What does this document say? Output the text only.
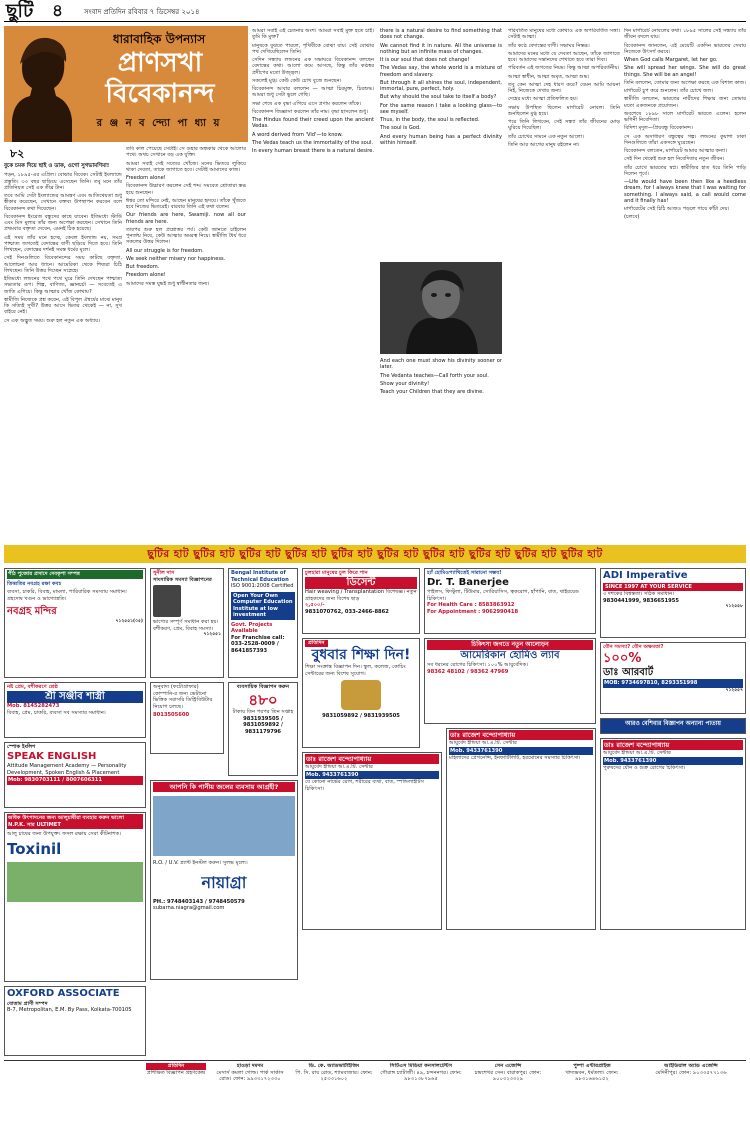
ছুটি ৪	সংবাদ প্রতিদিন রবিবার ৭ ডিসেম্বর ২০১৪
ধারাবাহিক উপন্যাস
প্রাণসখা
বিবেকানন্দ
র ঞ্জ ন ব ন্দ্যো পা ধ্যা য়
৮২
বুকে চমক দিয়ে ছাই ও ডাক, ওগো সুগভামণিমা!

পড়ন, ১৮৯৫-এর এপ্রিল। বোঝার বিবেক। সেটাই ইংল্যান্ডে প্রস্তুতি। ৩৩ বছর ছাড়িয়ে এসেছেন তিনি। তবু মনে তাঁর প্রতিনিয়ত সেই এক তীব্র টান।

তবে আমি সেটা ইংল্যান্ডের আমন্ত্রণ এবং আতিথেয়তা শুধু স্বীকার করেছেন, সেখানে বক্তব্য উপস্থাপন করবেন বলে বিবেকানন্দ কথা দিয়েছেন।

বিবেকানন্দ ইংরেজ বন্ধুদের কাছে যাবেন। ইতিমধ্যে স্টার্ডি এবং মিস মুলার তাঁর জন্য অপেক্ষা করছেন। সেখানে তিনি প্রথমবার বক্তৃতা দেবেন, এমনই ঠিক হয়েছে।

এই সময় তাঁর মনে হচ্ছে, কেবল ইংল্যান্ড নয়, সমগ্র পাশ্চাত্য জগতেই বেদান্তের বাণী ছড়িয়ে দিতে হবে। তিনি লিখছেন, বেদান্তের দর্শনই সমস্ত ধর্মের মূলে।

সেই দিনগুলিতে বিবেকানন্দের সময় কাটছে বক্তৃতা, আলোচনা আর ধ্যানে। আমেরিকা থেকে শিষ্যরা চিঠি লিখছেন। তিনি উত্তর দিচ্ছেন সস্নেহে।

ইতিমধ্যে লন্ডনের পথে পথে ঘুরে তিনি দেখছেন পাশ্চাত্য সভ্যতার রূপ। শিল্প, বাণিজ্য, জ্ঞানচর্চা — সবেতেই এ জাতি এগিয়ে। কিন্তু আত্মার খোঁজ কোথায়?

স্বামীজি নিজেকে প্রশ্ন করেন, এই বিপুল ঐশ্বর্যের মাঝে মানুষ কি সত্যিই সুখী? উত্তর আসে ভিতর থেকেই — না, সুখ বাইরে নেই।

সে এক অদ্ভুত সময়। শুরু হল নতুন এক অধ্যায়।

তবি কাল পেয়েছে সেটাই। সে গুহার অন্ধকার থেকে আলোর পথে। অথচ সেখানে বড় এক যুক্তি।

আমরা সবাই সেই সত্যের খোঁজে। মনের ভিতরে লুকিয়ে থাকা দেবতা, তাকে জাগাতে হবে। সেটাই আমাদের কাজ।

Freedom alone!

বিবেকানন্দ উচ্চারণ করলেন সেই শব্দ। সমবেত শ্রোতারা স্তব্ধ হয়ে শুনছেন।

ঈশ্বর তো মন্দিরে নেই, আছেন মানুষের হৃদয়ে। তাঁকে খুঁজতে হবে নিজের ভিতরেই। বারবার তিনি এই কথা বলেন।

Our friends are here, Swamiji. now all our friends are here.

তারপর শুরু হল প্রশ্নোত্তর পর্ব। কেউ জানতে চাইলেন পুনর্জন্ম নিয়ে, কেউ আত্মার অমরত্ব নিয়ে। স্বামীজি ধৈর্য ধরে সকলের উত্তর দিলেন।

All our struggle is for freedom.

We seek neither misery nor happiness.

But freedom.

Freedom alone!

আমাদের সমস্ত যুদ্ধই শুধু স্বাধীনতার জন্য।

আমরা সবাই এই চেতনার অংশ। আমরা সবাই মুক্ত হতে চাই। তুমি কি মুক্ত?

মানুষকে বুঝতে পারলে, পৃথিবীকে বোঝা যায়। সেই বোঝার পথ দেখিয়েছিলেন তিনি।

সেদিন সন্ধ্যায় লন্ডনের এক সভাঘরে বিবেকানন্দ বলছেন বেদান্তের কথা। আলো কমে আসছে, কিন্তু তাঁর কণ্ঠস্বর প্রদীপের মতো উজ্জ্বল।

সকলেই মুগ্ধ। কেউ কেউ চোখ বুজে শুনছেন।

বিবেকানন্দ আবার বললেন — আত্মা চিরমুক্ত, চিরশুদ্ধ। আমরা শুধু সেটা ভুলে গেছি।

সভা শেষে এক বৃদ্ধা এগিয়ে এসে প্রণাম করলেন তাঁকে।

বিবেকানন্দ জিজ্ঞাসা করলেন তাঁর নাম। বৃদ্ধা হাসলেন শুধু।

The Hindus found their creed upon the ancient Vedas.

A word derived from 'Vid'—to know.

The Vedas teach us the immortality of the soul.

In every human breast there is a natural desire.

there is a natural desire to find something that does not change.

We cannot find it in nature. All the universe is nothing but an infinite mass of changes.

It is our soul that does not change!

The Vedas say, the whole world is a mixture of freedom and slavery.

But through it all shines the soul, independent, immortal, pure, perfect, holy.

But why should the soul take to itself a body?

For the same reason I take a looking glass—to see myself.

Thus, in the body, the soul is reflected.

The soul is God.

And every human being has a perfect divinity within himself.

And each one must show his divinity sooner or later.

The Vedanta teaches—Call forth your soul.

Show your divinity!

Teach your Children that they are divine.

পরিবর্তিত মানুষের মধ্যে কোথাও এক অপরিবর্তিত সত্তা। সেটাই আত্মা।

তাঁর কণ্ঠে বেদান্তের বাণী। সভাঘর নিস্তব্ধ।

আমাদের মনের মধ্যে যে দেবতা আছেন, তাঁকে জাগাতে হবে। আমাদের সন্তানদের শেখাতে হবে তারা দিব্য।

পরিবর্তন এই জগতের নিয়ম। কিন্তু আত্মা অপরিবর্তনীয়।

আত্মা স্বাধীন, আত্মা অমৃত, আত্মা শুদ্ধ।

তবু কেন আত্মা দেহ ধারণ করে? যেমন আমি আয়না নিই, নিজেকে দেখার জন্য।

দেহের মধ্যে আত্মা প্রতিফলিত হয়।

সভায় উপস্থিত ছিলেন মার্গারেট নোবল। তিনি শুনছিলেন মুগ্ধ হয়ে।

পরে তিনি লিখবেন, সেই সন্ধ্যা তাঁর জীবনের মোড় ঘুরিয়ে দিয়েছিল।

তাঁর চোখের সামনে এক নতুন আলো।

তিনি আর আগের মানুষ রইলেন না।

দিন মার্গারেট নোবলের কথা। ১৮৯৫ সালের সেই সন্ধ্যায় তাঁর জীবন বদলে যায়।

বিবেকানন্দ জানতেন, এই মেয়েটি একদিন ভারতের সেবায় নিজেকে উৎসর্গ করবে।

When God calls Margaret, let her go.

She will spread her wings. She will do great things. She will be an angel!

তিনি বললেন, তোমার জন্য অপেক্ষা করছে এক বিশাল কাজ।

মার্গারেট চুপ করে শুনলেন। তাঁর চোখে জল।

স্বামীজি বললেন, ভারতের নারীদের শিক্ষার জন্য তোমার মতো একজনকে প্রয়োজন।

অবশেষে ১৮৯৮ সালে মার্গারেট ভারতে এলেন। হলেন ভগিনী নিবেদিতা।

বিদিশা মৃদুল—প্রিয়বন্ধু বিবেকানন্দ।

সে এক অসাধারণ বন্ধুত্বের গল্প। লন্ডনের কুয়াশা ঢাকা দিনগুলিতে তাঁরা একসঙ্গে ঘুরেছেন।

বিবেকানন্দ বলতেন, মার্গারেট আমার আত্মার কন্যা।

সেই দিন থেকেই শুরু হল নিবেদিতার নতুন জীবন।

তাঁর চোখে ভারতের স্বপ্ন। স্বামীজির হাত ধরে তিনি পাড়ি দিলেন পূর্বে।

—Life would have been then like a heedless dream, for I always knew that I was waiting for something. I always said, a call would come and it finally has!

মার্গারেটের সেই চিঠি আজও পড়লে গায়ে কাঁটা দেয়।

(চলবে)

ছুটির হাট ছুটির হাট ছুটির হাট ছুটির হাট ছুটির হাট ছুটির হাট ছুটির হাট ছুটির হাট ছুটির হাট ছুটির হাট
পীঠ পুজোর প্রসাদে দেবকৃপা সম্পন্ন
তিব্বতির নবগ্রহ রক্ষা কবচ
ব্যবসা, চাকরি, বিবাহ, মামলা, পারিবারিক সমস্যায় সমাধান। গ্রহদোষ খণ্ডন ও ভাগ্যোন্নতি।
নবগ্রহ মন্দির
৭১২৫৫১(০৫)
সুনীল দাস
সাংসারিক সমস্যা বিজ্ঞাপনের
ভাগ্যের সম্পূর্ণ সমাধান করা হয়। বশীকরণ, প্রেম, বিবাহ সমস্যা।
৭১২৫৫১
Bengal Institute of Technical Education
ISO 9001:2008 Certified
Open Your Own Computer Education Institute at low investment
Govt. Projects Available
For Franchise call:
033-2528-0009 / 8641857393
চুলহারা মানুষের চুল ফিরে পান
ডিসেন্ট
Hair weaving / Transplantation বিশেষজ্ঞ। নতুন গ্রাহকদের জন্য বিশেষ ছাড়
২,৫০০/-
9831070762, 033-2466-8862
হ্যাঁ হোমিওপ্যাথিতেই সারানো সম্ভব!
Dr. T. Banerjee
পাইলস, ফিস্টুলা, টিউমার, সোরিয়াসিস, ত্বকরোগ, হাঁপানি, বাত, থাইরয়েড চিকিৎসা।
For Health Care : 8583863912
For Appointment : 9062990418
ADI Imperative
SINCE 1997 AT YOUR SERVICE
৩ দশকের বিশ্বস্ততা। সঠিক সমাধান।
9830441999, 9836651955
৭১২৫৫৮
নষ্ট প্রেম, বশীকরণে শ্রেষ্ঠ
শ্রী সঞ্জীব শাস্ত্রী
Mob. 8145282473
বিবাহ, প্রেম, চাকরি, ব্যবসা সব সমস্যার সমাধান।
অনুবাদ্য (ফটোগ্রাফার) কোম্পানি-র জন্য ভেটানো ভিত্তিক সরাসরি ডিস্ট্রিবিউটার নিয়োগ চলছে।
8013505600
ব্যবসায়িক বিজ্ঞাপন করুন
৪৮০
টাকায় তিন পরপর তিন সপ্তাহ
9831939505 / 9831059892 / 9831179796
প্রতিদিন
বুধবার শিক্ষা দিন!
শিক্ষা সংক্রান্ত বিজ্ঞাপন দিন। স্কুল, কলেজ, কোচিং সেন্টারের জন্য বিশেষ সুযোগ।
9831059892 / 9831939505
চিকিৎসা জগতে নতুন আলোড়ন
আমেরিকান হোমিও ল্যাব
সব ধরনের রোগের চিকিৎসা। ১০০% আয়ুর্বেদিক।
98362 48102 / 98362 47969
যৌন সমস্যা? যৌন অক্ষমতা?
১০০%
ডাঃ আরবার্ট
MOB: 9734697810, 8293351998
৭১২৫৫৭
আরও বেশিবার বিজ্ঞাপন অন্যান্য পাতায়
স্পোক ইংলিশ
SPEAK ENGLISH
Attitude Management Academy — Personality Development, Spoken English & Placement
Mob: 9830703111 / 8007606311
আপনি কি পানীয় জলের ব্যবসায় আগ্রহী?
R.O. / U.V. প্ল্যান্ট ইনস্টল করুন। সুলভ মূল্যে।
নায়াগ্রা
PH.: 9748403143 / 9748450579
subarna.niagra@gmail.com
ডাঃ রাজেশ বন্দ্যোপাধ্যায়
আয়ুর্বেদ ইন্ডিয়া আ.এ.টি. সেন্টার
Mob. 9433761390
যে কোনো নার্ভের রোগ, শরীরের ব্যথা, বাত, স্পন্ডিলাইটিস চিকিৎসা।
ডাঃ রাজেশ বন্দ্যোপাধ্যায়
আয়ুর্বেদ ইন্ডিয়া আ.এ.টি. সেন্টার
Mob. 9433761390
মহিলাদের প্রেগনেন্সি, ইনফার্টিলিটি, হরমোনের সমস্যার চিকিৎসা।
ডাঃ রাজেশ বন্দ্যোপাধ্যায়
আয়ুর্বেদ ইন্ডিয়া আ.এ.টি. সেন্টার
Mob. 9433761390
পুরুষদের যৌন ও শুক্র রোগের চিকিৎসা।
অধিক উৎপাদনের জন্য আলুচাষীরা ব্যবহার করুন ভালো N.P.K. সার ULTIMET
আলু চাষের জন্য উপযুক্ত। ফসল রক্ষায় সেরা কীটনাশক।
Toxinil
OXFORD ASSOCIATE
বোতাম প্রাণী সম্পদ
B-7, Metropolitan, E.M. By Pass, Kolkata-700105
প্রতিদিন
প্রশিক্ষিত বিজ্ঞাপন গ্রহণকেন্দ্র
হাওড়া দমদম
মেসার্স কমলা গোল্ড। পার্ক সার্কাস রোড। ফোন: ৯৯৩৩১৭২৩৩০
ডি. কে. অ্যাডভার্টাইজিং
পি. সি. রায় রোড, শ্যামবাজার। ফোন: ২৫৩৩১৬০২
সিটিএস মিডিয়া কনসালটেন্টস
গৌরাঙ্গ চ্যাটার্জী। ৪৯, চন্দননগর। ফোন: ৯৮৩১৩৮৭৯৬৫
সেন এজেন্সি
চন্দ্রশেখর সেন। বারাকপুর। ফোন: ৯০০৩২৩৩২৯
পুষ্পা এন্টারপ্রাইজ
খাদ্যভবন, ধর্মতলা। ফোন: ৯৮৩১৬৪৬১৫২
আইডিয়াল অ্যাড এজেন্সি
মেদিনীপুর। ফোন: ৯০৩৩৫৭৭১৩৬
